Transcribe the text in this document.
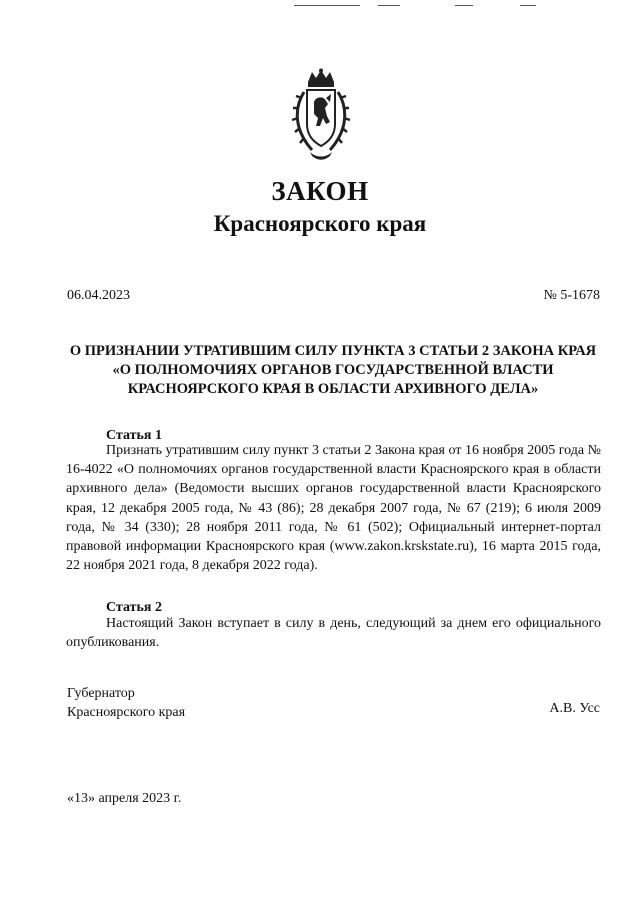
ЗАКОН
Красноярского края
06.04.2023	№ 5-1678
О ПРИЗНАНИИ УТРАТИВШИМ СИЛУ ПУНКТА 3 СТАТЬИ 2 ЗАКОНА КРАЯ «О ПОЛНОМОЧИЯХ ОРГАНОВ ГОСУДАРСТВЕННОЙ ВЛАСТИ КРАСНОЯРСКОГО КРАЯ В ОБЛАСТИ АРХИВНОГО ДЕЛА»
Статья 1
Признать утратившим силу пункт 3 статьи 2 Закона края от 16 ноября 2005 года № 16-4022 «О полномочиях органов государственной власти Красноярского края в области архивного дела» (Ведомости высших органов государственной власти Красноярского края, 12 декабря 2005 года, № 43 (86); 28 декабря 2007 года, № 67 (219); 6 июля 2009 года, № 34 (330); 28 ноября 2011 года, № 61 (502); Официальный интернет-портал правовой информации Красноярского края (www.zakon.krskstate.ru), 16 марта 2015 года, 22 ноября 2021 года, 8 декабря 2022 года).
Статья 2
Настоящий Закон вступает в силу в день, следующий за днем его официального опубликования.
Губернатор
Красноярского края	А.В. Усс
«13» апреля 2023 г.
